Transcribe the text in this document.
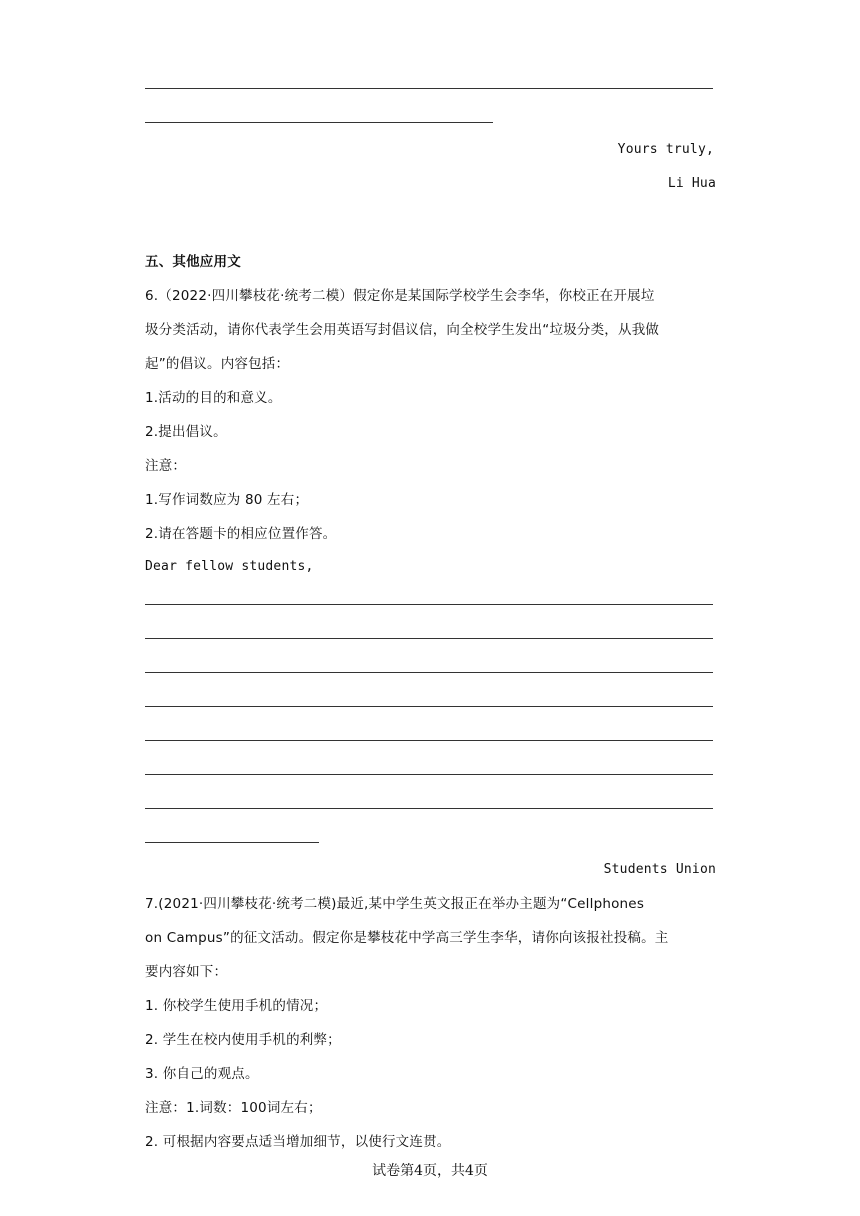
Yours truly,
Li Hua
五、其他应用文
6.（2022·四川攀枝花·统考二模）假定你是某国际学校学生会李华，你校正在开展垃
圾分类活动，请你代表学生会用英语写封倡议信，向全校学生发出“垃圾分类，从我做
起”的倡议。内容包括：
1.活动的目的和意义。
2.提出倡议。
注意：
1.写作词数应为 80 左右；
2.请在答题卡的相应位置作答。
Dear fellow students,
Students Union
7.(2021·四川攀枝花·统考二模)最近,某中学生英文报正在举办主题为“Cellphones
on Campus”的征文活动。假定你是攀枝花中学高三学生李华，请你向该报社投稿。主
要内容如下：
1. 你校学生使用手机的情况；
2. 学生在校内使用手机的利弊；
3. 你自己的观点。
注意：1.词数：100词左右；
2. 可根据内容要点适当增加细节，以使行文连贯。
试卷第4页，共4页
